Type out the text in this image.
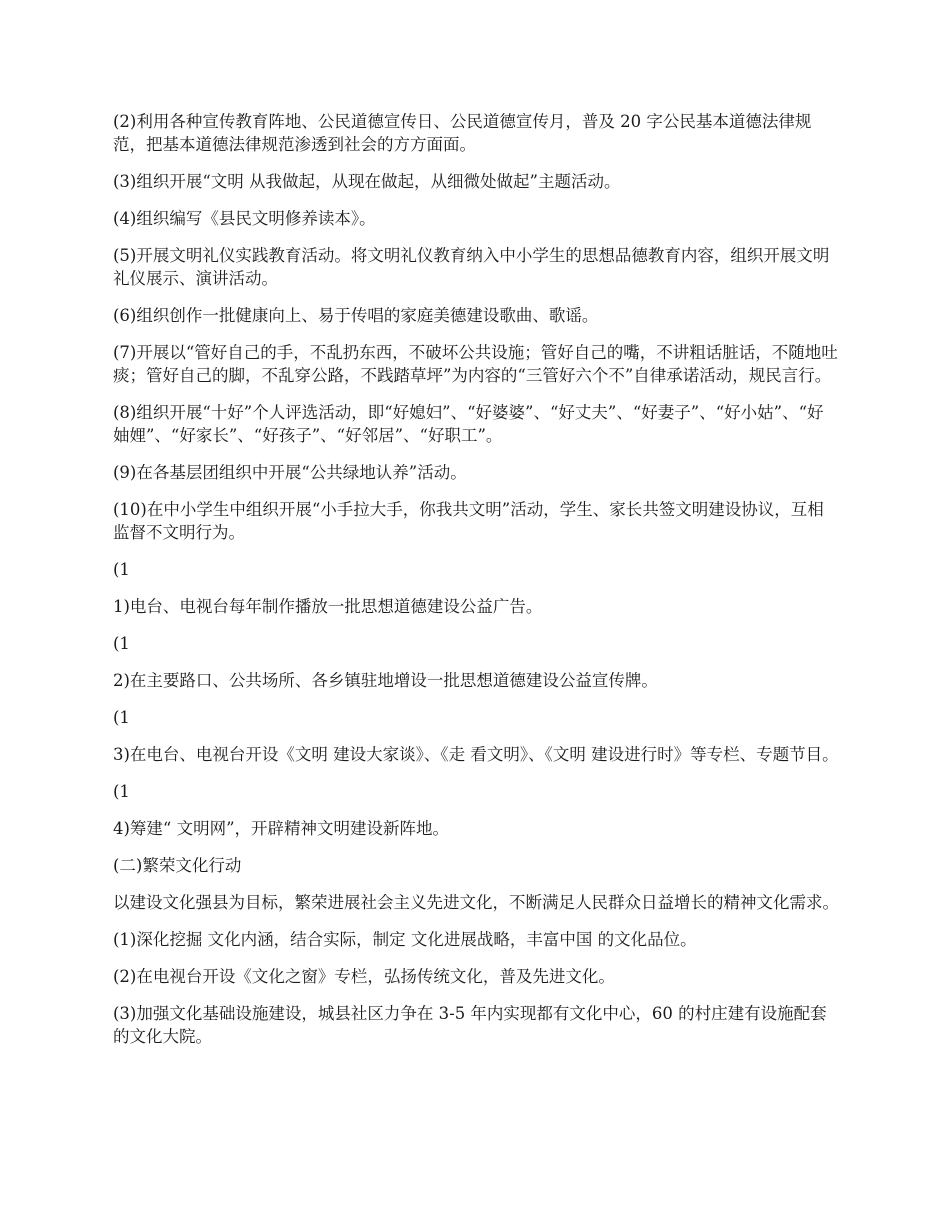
(2)利用各种宣传教育阵地、公民道德宣传日、公民道德宣传月，普及 20 字公民基本道德法律规范，把基本道德法律规范渗透到社会的方方面面。

(3)组织开展“文明 从我做起，从现在做起，从细微处做起”主题活动。

(4)组织编写《县民文明修养读本》。

(5)开展文明礼仪实践教育活动。将文明礼仪教育纳入中小学生的思想品德教育内容，组织开展文明礼仪展示、演讲活动。

(6)组织创作一批健康向上、易于传唱的家庭美德建设歌曲、歌谣。

(7)开展以“管好自己的手，不乱扔东西，不破坏公共设施；管好自己的嘴，不讲粗话脏话，不随地吐痰；管好自己的脚，不乱穿公路，不践踏草坪”为内容的“三管好六个不”自律承诺活动，规民言行。

(8)组织开展“十好”个人评选活动，即“好媳妇”、“好婆婆”、“好丈夫”、“好妻子”、“好小姑”、“好妯娌”、“好家长”、“好孩子”、“好邻居”、“好职工”。

(9)在各基层团组织中开展“公共绿地认养”活动。

(10)在中小学生中组织开展“小手拉大手，你我共文明”活动，学生、家长共签文明建设协议，互相监督不文明行为。

(1

1)电台、电视台每年制作播放一批思想道德建设公益广告。

(1

2)在主要路口、公共场所、各乡镇驻地增设一批思想道德建设公益宣传牌。

(1

3)在电台、电视台开设《文明 建设大家谈》、《走 看文明》、《文明 建设进行时》等专栏、专题节目。

(1

4)筹建“ 文明网”，开辟精神文明建设新阵地。

(二)繁荣文化行动

以建设文化强县为目标，繁荣进展社会主义先进文化，不断满足人民群众日益增长的精神文化需求。

(1)深化挖掘 文化内涵，结合实际，制定 文化进展战略，丰富中国 的文化品位。

(2)在电视台开设《文化之窗》专栏，弘扬传统文化，普及先进文化。

(3)加强文化基础设施建设，城县社区力争在 3-5 年内实现都有文化中心，60 的村庄建有设施配套的文化大院。
